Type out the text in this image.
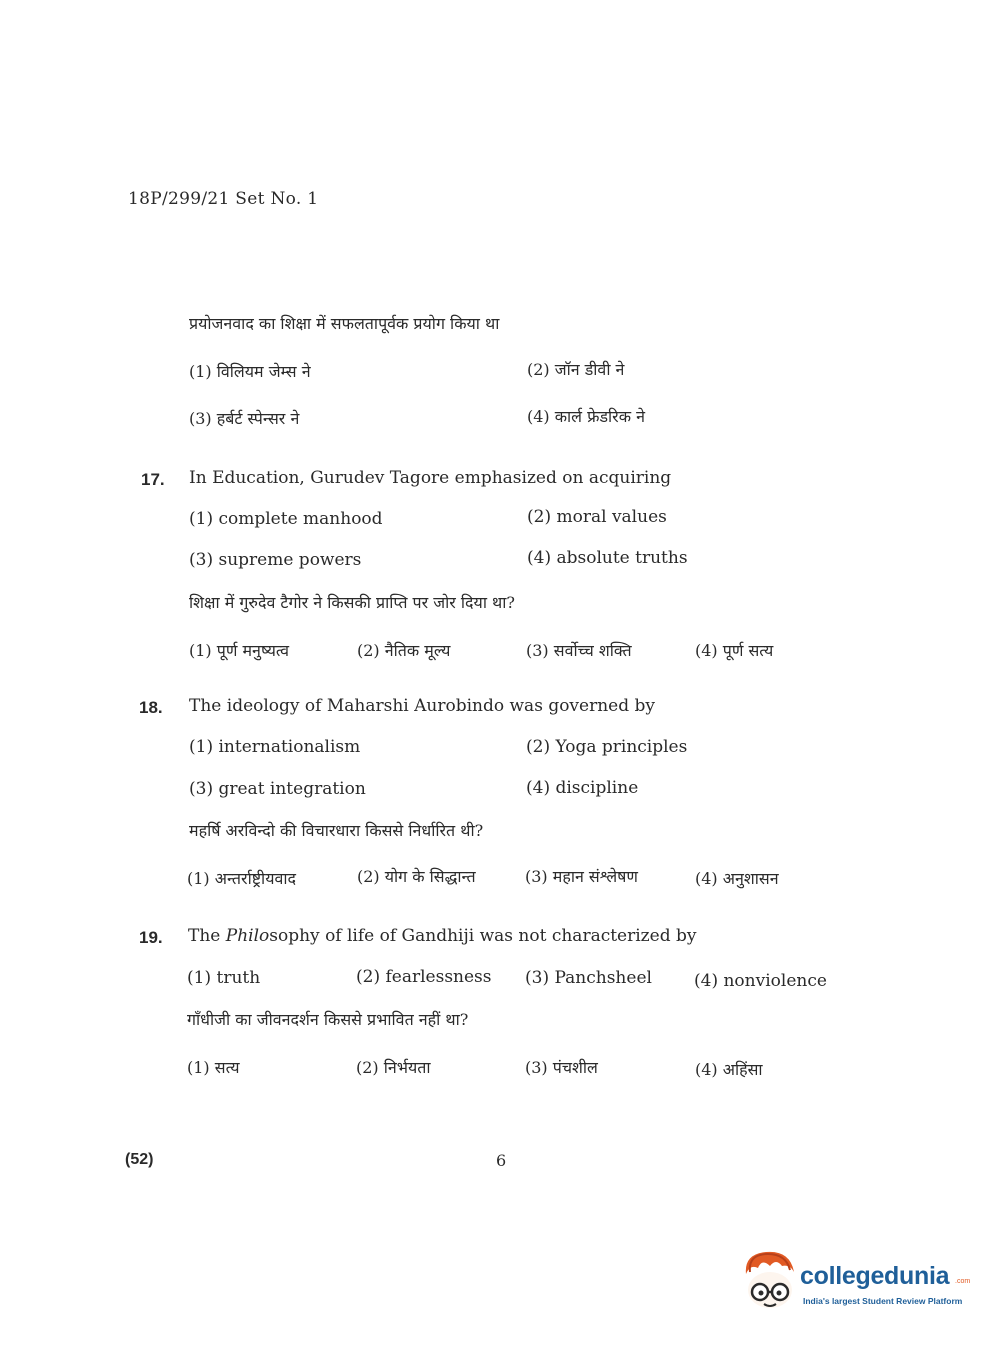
18P/299/21 Set No. 1
प्रयोजनवाद का शिक्षा में सफलतापूर्वक प्रयोग किया था
(1) विलियम जेम्स ने	(2) जॉन डीवी ने
(3) हर्बर्ट स्पेन्सर ने	(4) कार्ल फ्रेडरिक ने
17. In Education, Gurudev Tagore emphasized on acquiring
(1) complete manhood	(2) moral values
(3) supreme powers	(4) absolute truths
शिक्षा में गुरुदेव टैगोर ने किसकी प्राप्ति पर जोर दिया था?
(1) पूर्ण मनुष्यत्व	(2) नैतिक मूल्य	(3) सर्वोच्च शक्ति	(4) पूर्ण सत्य
18. The ideology of Maharshi Aurobindo was governed by
(1) internationalism	(2) Yoga principles
(3) great integration	(4) discipline
महर्षि अरविन्दो की विचारधारा किससे निर्धारित थी?
(1) अन्तर्राष्ट्रीयवाद	(2) योग के सिद्धान्त	(3) महान संश्लेषण	(4) अनुशासन
19. The Philosophy of life of Gandhiji was not characterized by
(1) truth	(2) fearlessness (3) Panchsheel (4) nonviolence
गाँधीजी का जीवनदर्शन किससे प्रभावित नहीं था?
(1) सत्य	(2) निर्भयता	(3) पंचशील	(4) अहिंसा
(52)	6
collegedunia .com
India's largest Student Review Platform
